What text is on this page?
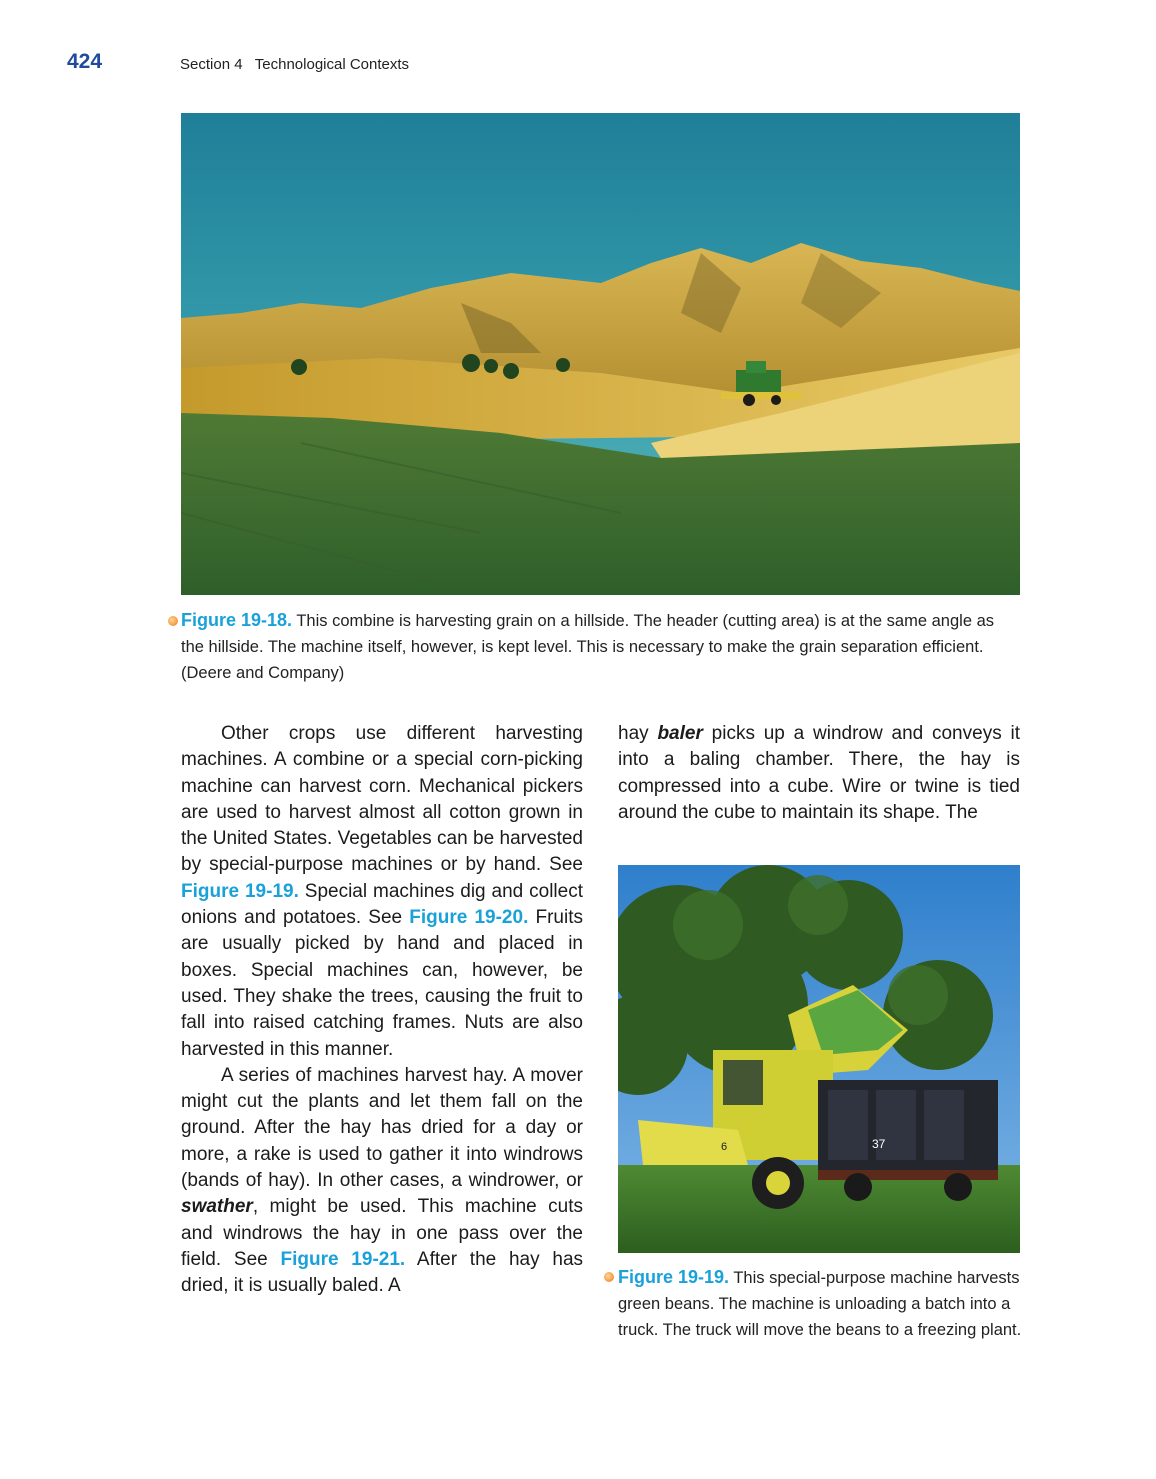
424	Section 4   Technological Contexts
Figure 19-18. This combine is harvesting grain on a hillside. The header (cutting area) is at the same angle as the hillside. The machine itself, however, is kept level. This is necessary to make the grain separation efficient. (Deere and Company)

Other crops use different harvesting machines. A combine or a special corn-picking machine can harvest corn. Mechanical pickers are used to harvest almost all cotton grown in the United States. Vegetables can be harvested by special-purpose machines or by hand. See Figure 19-19. Special machines dig and collect onions and potatoes. See Figure 19-20. Fruits are usually picked by hand and placed in boxes. Special machines can, however, be used. They shake the trees, causing the fruit to fall into raised catching frames. Nuts are also harvested in this manner.

A series of machines harvest hay. A mover might cut the plants and let them fall on the ground. After the hay has dried for a day or more, a rake is used to gather it into windrows (bands of hay). In other cases, a windrower, or swather, might be used. This machine cuts and windrows the hay in one pass over the field. See Figure 19-21. After the hay has dried, it is usually baled. A

hay baler picks up a windrow and conveys it into a baling chamber. There, the hay is compressed into a cube. Wire or twine is tied around the cube to maintain its shape. The

37
6
Figure 19-19. This special-purpose machine harvests green beans. The machine is unloading a batch into a truck. The truck will move the beans to a freezing plant.
